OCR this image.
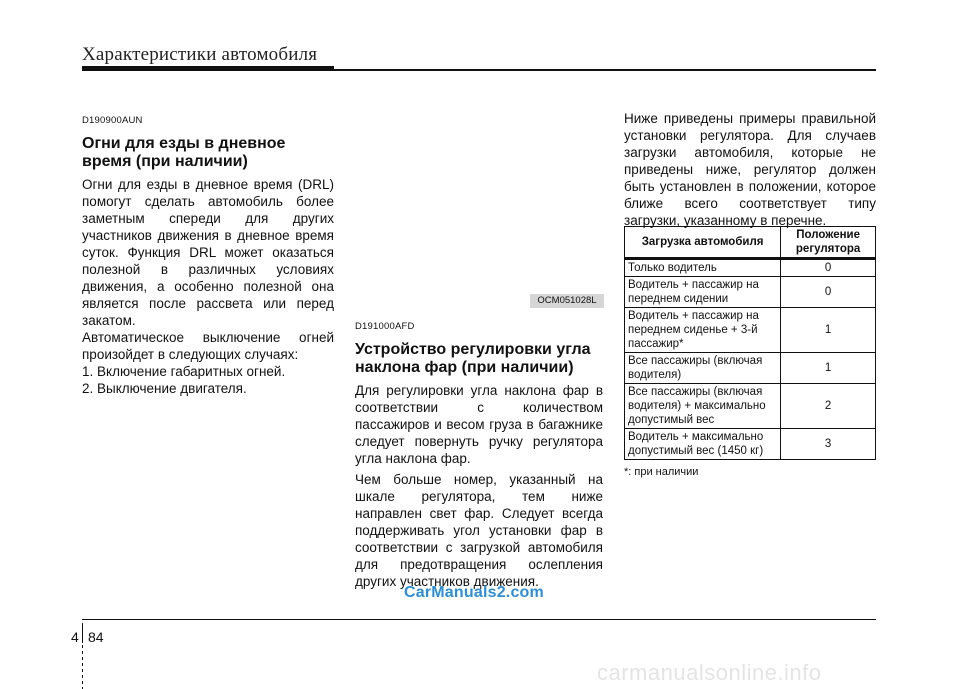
Характеристики автомобиля
D190900AUN
Огни для езды в дневное время (при наличии)

Огни для езды в дневное время (DRL) помогут сделать автомобиль более заметным спереди для других участников движения в дневное время суток. Функция DRL может оказаться полезной в различных условиях движения, а особенно полезной она является после рассвета или перед закатом.

Автоматическое выключение огней произойдет в следующих случаях:

1. Включение габаритных огней.

2. Выключение двигателя.

OCM051028L
D191000AFD
Устройство регулировки угла наклона фар (при наличии)

Для регулировки угла наклона фар в соответствии с количеством пассажиров и весом груза в багажнике следует повернуть ручку регулятора угла наклона фар.

Чем больше номер, указанный на шкале регулятора, тем ниже направлен свет фар. Следует всегда поддерживать угол установки фар в соответствии с загрузкой автомобиля для предотвращения ослепления других участников движения.

Ниже приведены примеры правильной установки регулятора. Для случаев загрузки автомобиля, которые не приведены ниже, регулятор должен быть установлен в положении, которое ближе всего соответствует типу загрузки, указанному в перечне.

Загрузка автомобиля	Положение регулятора
Только водитель	0
Водитель + пассажир на переднем сидении	0
Водитель + пассажир на переднем сиденье + 3-й пассажир*	1
Все пассажиры (включая водителя)	1
Все пассажиры (включая водителя) + максимально допустимый вес	2
Водитель + максимально допустимый вес (1450 кг)	3
*: при наличии
CarManuals2.com
4 84
carmanualsonline.info
